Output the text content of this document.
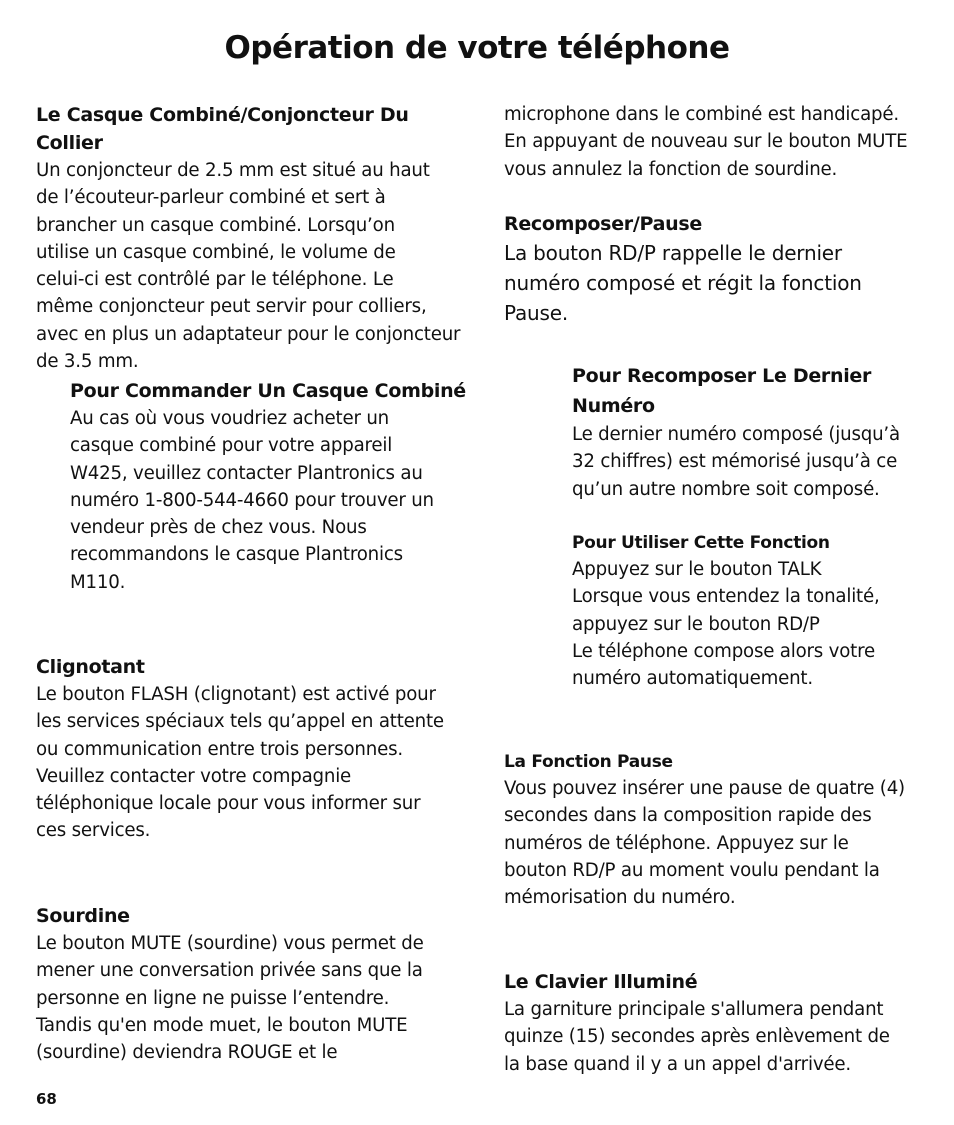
Opération de votre téléphone
Le Casque Combiné/Conjoncteur Du Collier
Un conjoncteur de 2.5 mm est situé au haut
de l’écouteur-parleur combiné et sert à
brancher un casque combiné. Lorsqu’on
utilise un casque combiné, le volume de
celui-ci est contrôlé par le téléphone. Le
même conjoncteur peut servir pour colliers,
avec en plus un adaptateur pour le conjoncteur
de 3.5 mm.
Pour Commander Un Casque Combiné
Au cas où vous voudriez acheter un
casque combiné pour votre appareil
W425, veuillez contacter Plantronics au
numéro 1-800-544-4660 pour trouver un
vendeur près de chez vous. Nous
recommandons le casque Plantronics
M110.
Clignotant
Le bouton FLASH (clignotant) est activé pour
les services spéciaux tels qu’appel en attente
ou communication entre trois personnes.
Veuillez contacter votre compagnie
téléphonique locale pour vous informer sur
ces services.
Sourdine
Le bouton MUTE (sourdine) vous permet de
mener une conversation privée sans que la
personne en ligne ne puisse l’entendre.
Tandis qu'en mode muet, le bouton MUTE
(sourdine) deviendra ROUGE et le
microphone dans le combiné est handicapé.
En appuyant de nouveau sur le bouton MUTE
vous annulez la fonction de sourdine.
Recomposer/Pause
La bouton RD/P rappelle le dernier
numéro composé et régit la fonction
Pause.
Pour Recomposer Le Dernier
Numéro
Le dernier numéro composé (jusqu’à
32 chiffres) est mémorisé jusqu’à ce
qu’un autre nombre soit composé.
Pour Utiliser Cette Fonction
Appuyez sur le bouton TALK
Lorsque vous entendez la tonalité,
appuyez sur le bouton RD/P
Le téléphone compose alors votre
numéro automatiquement.
La Fonction Pause
Vous pouvez insérer une pause de quatre (4)
secondes dans la composition rapide des
numéros de téléphone. Appuyez sur le
bouton RD/P au moment voulu pendant la
mémorisation du numéro.
Le Clavier Illuminé
La garniture principale s'allumera pendant
quinze (15) secondes après enlèvement de
la base quand il y a un appel d'arrivée.
68
